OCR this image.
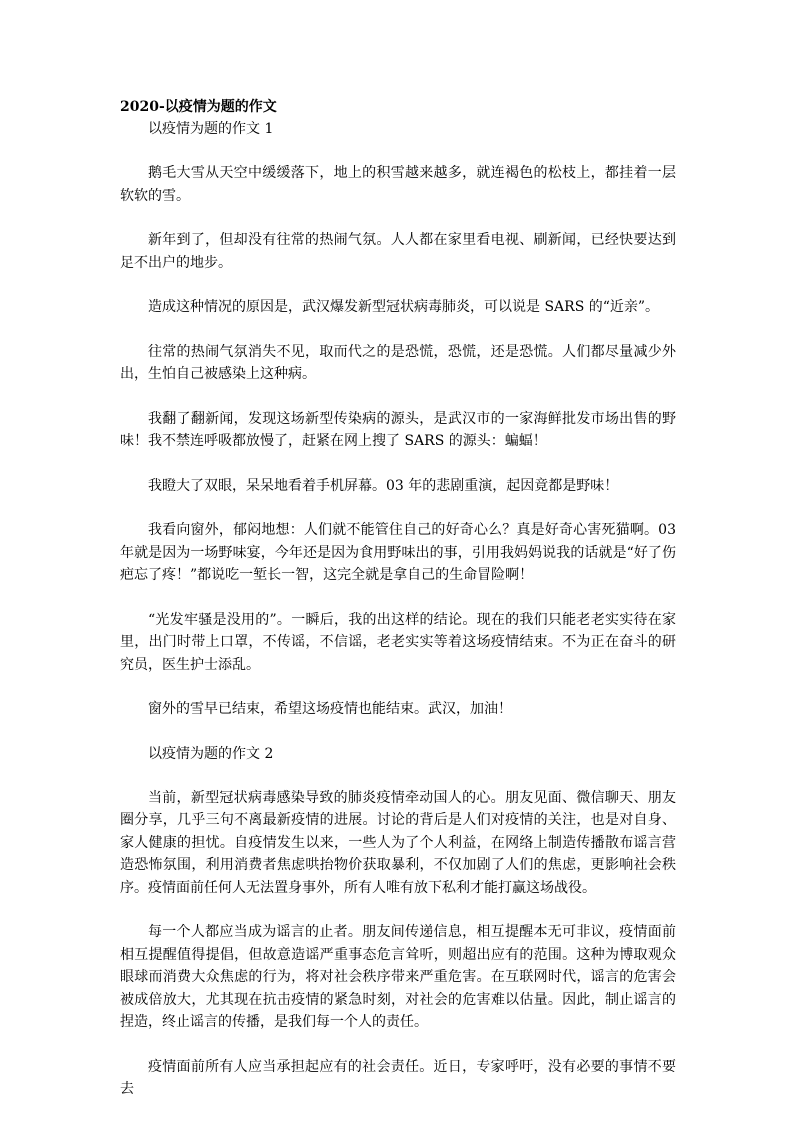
2020-以疫情为题的作文

以疫情为题的作文 1

鹅毛大雪从天空中缓缓落下，地上的积雪越来越多，就连褐色的松枝上，都挂着一层软软的雪。

新年到了，但却没有往常的热闹气氛。人人都在家里看电视、刷新闻，已经快要达到足不出户的地步。

造成这种情况的原因是，武汉爆发新型冠状病毒肺炎，可以说是 SARS 的“近亲”。

往常的热闹气氛消失不见，取而代之的是恐慌，恐慌，还是恐慌。人们都尽量减少外出，生怕自己被感染上这种病。

我翻了翻新闻，发现这场新型传染病的源头，是武汉市的一家海鲜批发市场出售的野味！我不禁连呼吸都放慢了，赶紧在网上搜了 SARS 的源头：蝙蝠！

我瞪大了双眼，呆呆地看着手机屏幕。03 年的悲剧重演，起因竟都是野味！

我看向窗外，郁闷地想：人们就不能管住自己的好奇心么？真是好奇心害死猫啊。03 年就是因为一场野味宴，今年还是因为食用野味出的事，引用我妈妈说我的话就是“好了伤疤忘了疼！”都说吃一堑长一智，这完全就是拿自己的生命冒险啊！

“光发牢骚是没用的”。一瞬后，我的出这样的结论。现在的我们只能老老实实待在家里，出门时带上口罩，不传谣，不信谣，老老实实等着这场疫情结束。不为正在奋斗的研究员，医生护士添乱。

窗外的雪早已结束，希望这场疫情也能结束。武汉，加油！

以疫情为题的作文 2

当前，新型冠状病毒感染导致的肺炎疫情牵动国人的心。朋友见面、微信聊天、朋友圈分享，几乎三句不离最新疫情的进展。讨论的背后是人们对疫情的关注，也是对自身、家人健康的担忧。自疫情发生以来，一些人为了个人利益，在网络上制造传播散布谣言营造恐怖氛围，利用消费者焦虑哄抬物价获取暴利，不仅加剧了人们的焦虑，更影响社会秩序。疫情面前任何人无法置身事外，所有人唯有放下私利才能打赢这场战役。

每一个人都应当成为谣言的止者。朋友间传递信息，相互提醒本无可非议，疫情面前相互提醒值得提倡，但故意造谣严重事态危言耸听，则超出应有的范围。这种为博取观众眼球而消费大众焦虑的行为，将对社会秩序带来严重危害。在互联网时代，谣言的危害会被成倍放大，尤其现在抗击疫情的紧急时刻，对社会的危害难以估量。因此，制止谣言的捏造，终止谣言的传播，是我们每一个人的责任。

疫情面前所有人应当承担起应有的社会责任。近日，专家呼吁，没有必要的事情不要去
